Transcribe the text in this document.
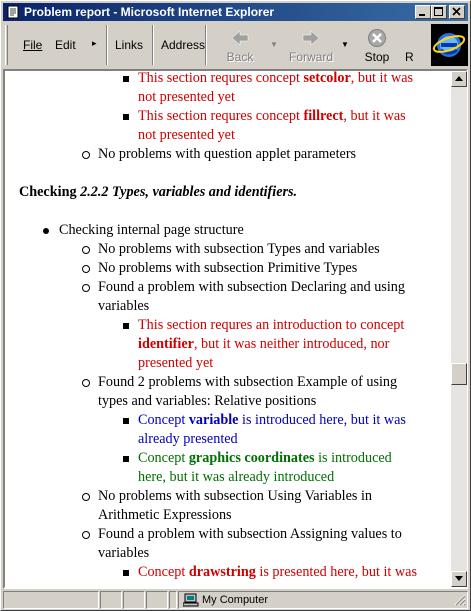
Problem report - Microsoft Internet Explorer
File Edit ▸ Links Address
Back
▼
Forward
▼
Stop	R
This section requres concept setcolor, but it was
not presented yet
This section requres concept fillrect, but it was
not presented yet
No problems with question applet parameters
Checking 2.2.2 Types, variables and identifiers.
Checking internal page structure
No problems with subsection Types and variables
No problems with subsection Primitive Types
Found a problem with subsection Declaring and using
variables
This section requres an introduction to concept
identifier, but it was neither introduced, nor
presented yet
Found 2 problems with subsection Example of using
types and variables: Relative positions
Concept variable is introduced here, but it was
already presented
Concept graphics coordinates is introduced
here, but it was already introduced
No problems with subsection Using Variables in
Arithmetic Expressions
Found a problem with subsection Assigning values to
variables
Concept drawstring is presented here, but it was
My Computer
